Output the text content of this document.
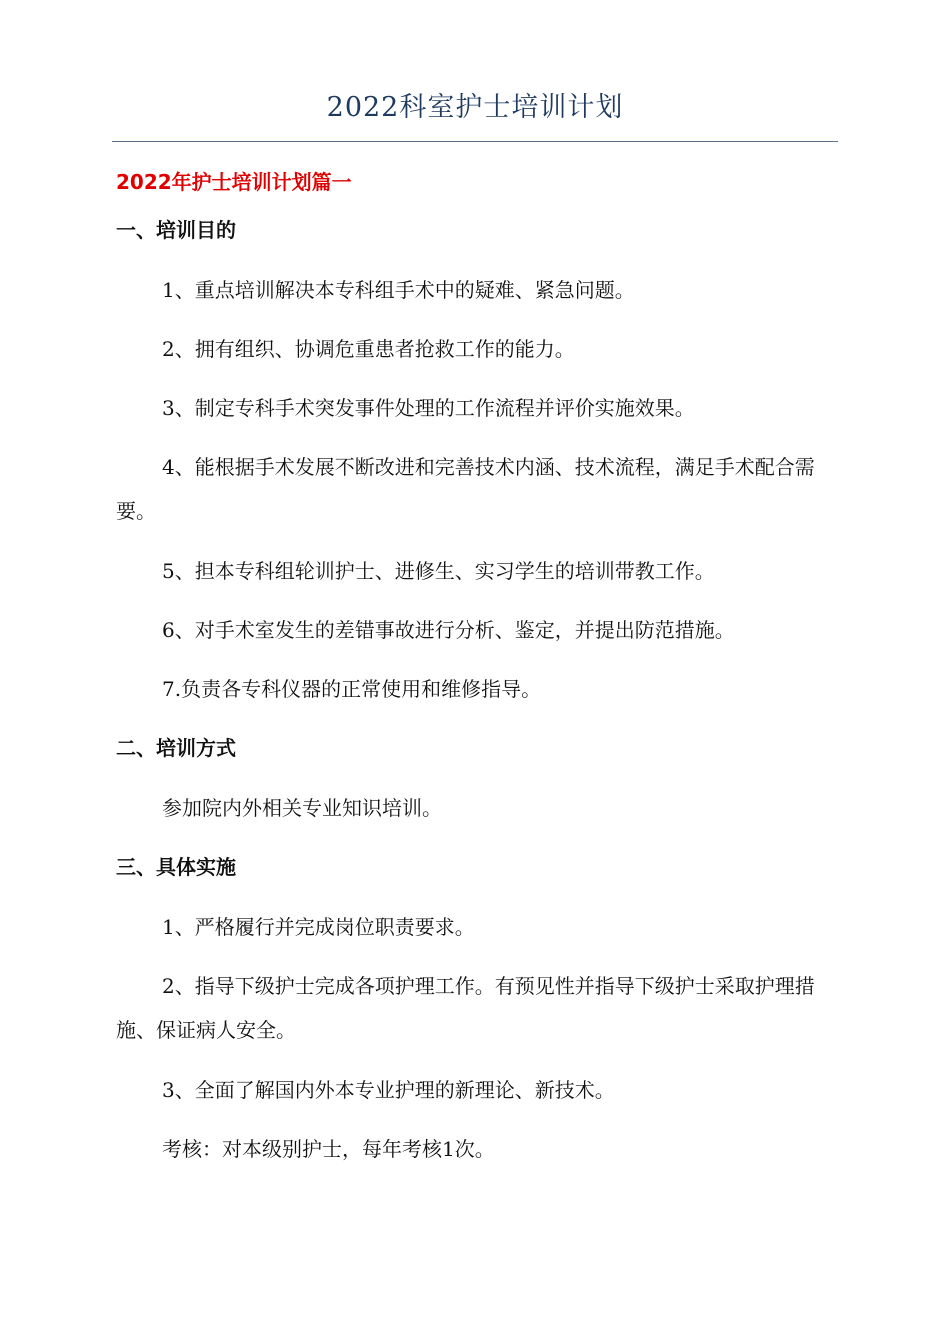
2022科室护士培训计划
2022年护士培训计划篇一
一、培训目的

1、重点培训解决本专科组手术中的疑难、紧急问题。

2、拥有组织、协调危重患者抢救工作的能力。

3、制定专科手术突发事件处理的工作流程并评价实施效果。

4、能根据手术发展不断改进和完善技术内涵、技术流程，满足手术配合需要。

5、担本专科组轮训护士、进修生、实习学生的培训带教工作。

6、对手术室发生的差错事故进行分析、鉴定，并提出防范措施。

7.负责各专科仪器的正常使用和维修指导。

二、培训方式

参加院内外相关专业知识培训。

三、具体实施

1、严格履行并完成岗位职责要求。

2、指导下级护士完成各项护理工作。有预见性并指导下级护士采取护理措施、保证病人安全。

3、全面了解国内外本专业护理的新理论、新技术。

考核：对本级别护士，每年考核1次。
